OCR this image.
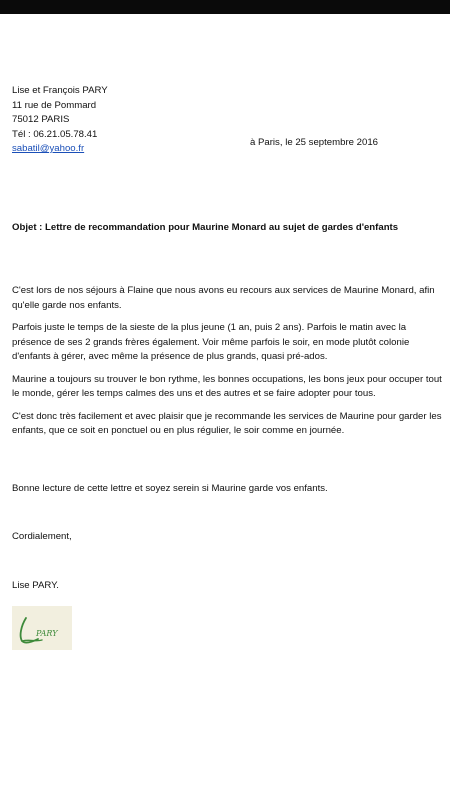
Lise et François PARY
11 rue de Pommard
75012 PARIS
Tél : 06.21.05.78.41
sabatil@yahoo.fr
à Paris, le 25 septembre 2016
Objet : Lettre de recommandation pour Maurine Monard au sujet de gardes d'enfants

C'est lors de nos séjours à Flaine que nous avons eu recours aux services de Maurine Monard, afin qu'elle garde nos enfants.

Parfois juste le temps de la sieste de la plus jeune (1 an, puis 2 ans). Parfois le matin avec la présence de ses 2 grands frères également. Voir même parfois le soir, en mode plutôt colonie d'enfants à gérer, avec même la présence de plus grands, quasi pré-ados.

Maurine a toujours su trouver le bon rythme, les bonnes occupations, les bons jeux pour occuper tout le monde, gérer les temps calmes des uns et des autres et se faire adopter pour tous.

C'est donc très facilement et avec plaisir que je recommande les services de Maurine pour garder les enfants, que ce soit en ponctuel ou en plus régulier, le soir comme en journée.

Bonne lecture de cette lettre et soyez serein si Maurine garde vos enfants.
Cordialement,
Lise PARY.
PARY
